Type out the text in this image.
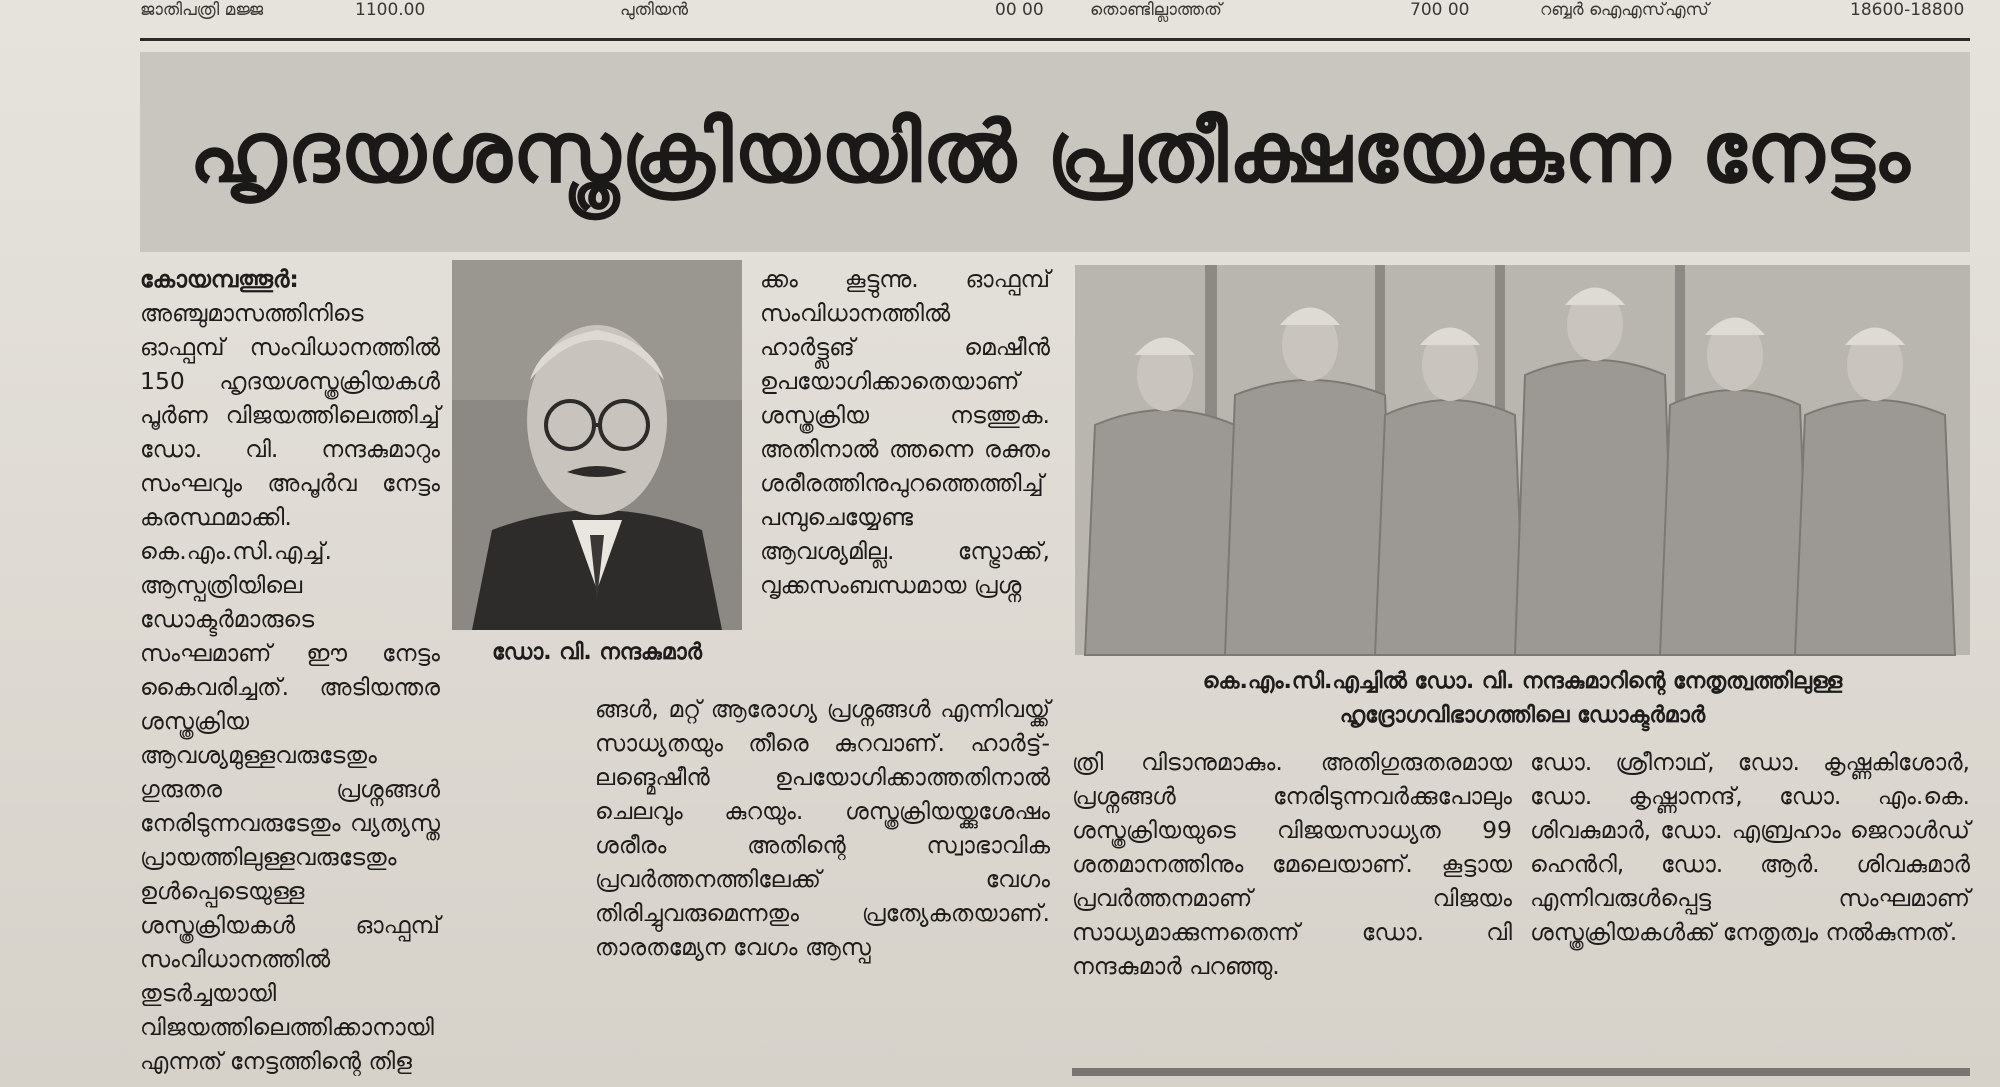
ജാതിപത്രി മജ്ജ	1100.00	പുതിയൻ	00 00	തൊണ്ടില്ലാത്തത്	700 00	റബ്ബർ ഐഎസ്എസ്	18600-18800
ഹൃദയശസ്ത്രക്രിയയിൽ പ്രതീക്ഷയേകുന്ന നേട്ടം

കോയമ്പത്തൂർ: അഞ്ചുമാസത്തിനിടെ ഓഫ്പമ്പ് സംവിധാനത്തിൽ 150 ഹൃദയശസ്ത്രക്രിയകൾ പൂർണ വിജയത്തിലെത്തിച്ച് ഡോ. വി. നന്ദകുമാറും സംഘവും അപൂർവ നേട്ടം കരസ്ഥമാക്കി. കെ.എം.സി.എച്ച്. ആസ്പത്രിയിലെ ഡോക്ടർമാരുടെ സംഘമാണ് ഈ നേട്ടം കൈവരിച്ചത്. അടിയന്തര ശസ്ത്രക്രിയ ആവശ്യമുള്ളവരുടേതും ഗുരുതര പ്രശ്നങ്ങൾ നേരിടുന്നവരുടേതും വ്യത്യസ്ത പ്രായത്തിലുള്ളവരുടേതും ഉൾപ്പെടെയുള്ള ശസ്ത്രക്രിയകൾ ഓഫ്പമ്പ് സംവിധാനത്തിൽ തുടർച്ചയായി വിജയത്തിലെത്തിക്കാനായി എന്നത് നേട്ടത്തിന്റെ തിള

ഡോ. വി. നന്ദകുമാർ

ക്കം കൂട്ടുന്നു. ഓഫ്പമ്പ് സംവിധാനത്തിൽ ഹാർട്ട്ലങ് മെഷീൻ ഉപയോഗിക്കാതെയാണ് ശസ്ത്രക്രിയ നടത്തുക. അതിനാൽ ത്തന്നെ രക്തം ശരീരത്തിനുപുറത്തെത്തിച്ച് പമ്പുചെയ്യേണ്ട ആവശ്യമില്ല. സ്ട്രോക്ക്, വൃക്കസംബന്ധമായ പ്രശ്ന

ങ്ങൾ, മറ്റ് ആരോഗ്യ പ്രശ്നങ്ങൾ എന്നിവയ്ക്ക് സാധ്യതയും തീരെ കുറവാണ്. ഹാർട്ട്-ലങ്മെഷീൻ ഉപയോഗിക്കാത്തതിനാൽ ചെലവും കുറയും. ശസ്ത്രക്രിയയ്ക്കുശേഷം ശരീരം അതിന്റെ സ്വാഭാവിക പ്രവർത്തനത്തിലേക്ക് വേഗം തിരിച്ചുവരുമെന്നതും പ്രത്യേകതയാണ്. താരതമ്യേന വേഗം ആസ്പ

കെ.എം.സി.എച്ചിൽ ഡോ. വി. നന്ദകുമാറിന്റെ നേതൃത്വത്തിലുള്ള
ഹൃദ്രോഗവിഭാഗത്തിലെ ഡോക്ടർമാർ

ത്രി വിടാനുമാകും. അതിഗുരുതരമായ പ്രശ്നങ്ങൾ നേരിടുന്നവർക്കുപോലും ശസ്ത്രക്രിയയുടെ വിജയസാധ്യത 99 ശതമാനത്തിനും മേലെയാണ്. കൂട്ടായ പ്രവർത്തനമാണ് വിജയം സാധ്യമാക്കുന്നതെന്ന് ഡോ. വി നന്ദകുമാർ പറഞ്ഞു.

ഡോ. ശ്രീനാഥ്, ഡോ. കൃഷ്ണകിശോർ, ഡോ. കൃഷ്ണാനന്ദ്, ഡോ. എം.കെ. ശിവകുമാർ, ഡോ. എബ്രഹാം ജെറാൾഡ് ഹെൻറി, ഡോ. ആർ. ശിവകുമാർ എന്നിവരുൾപ്പെട്ട സംഘമാണ് ശസ്ത്രക്രിയകൾക്ക് നേതൃത്വം നൽകുന്നത്.
